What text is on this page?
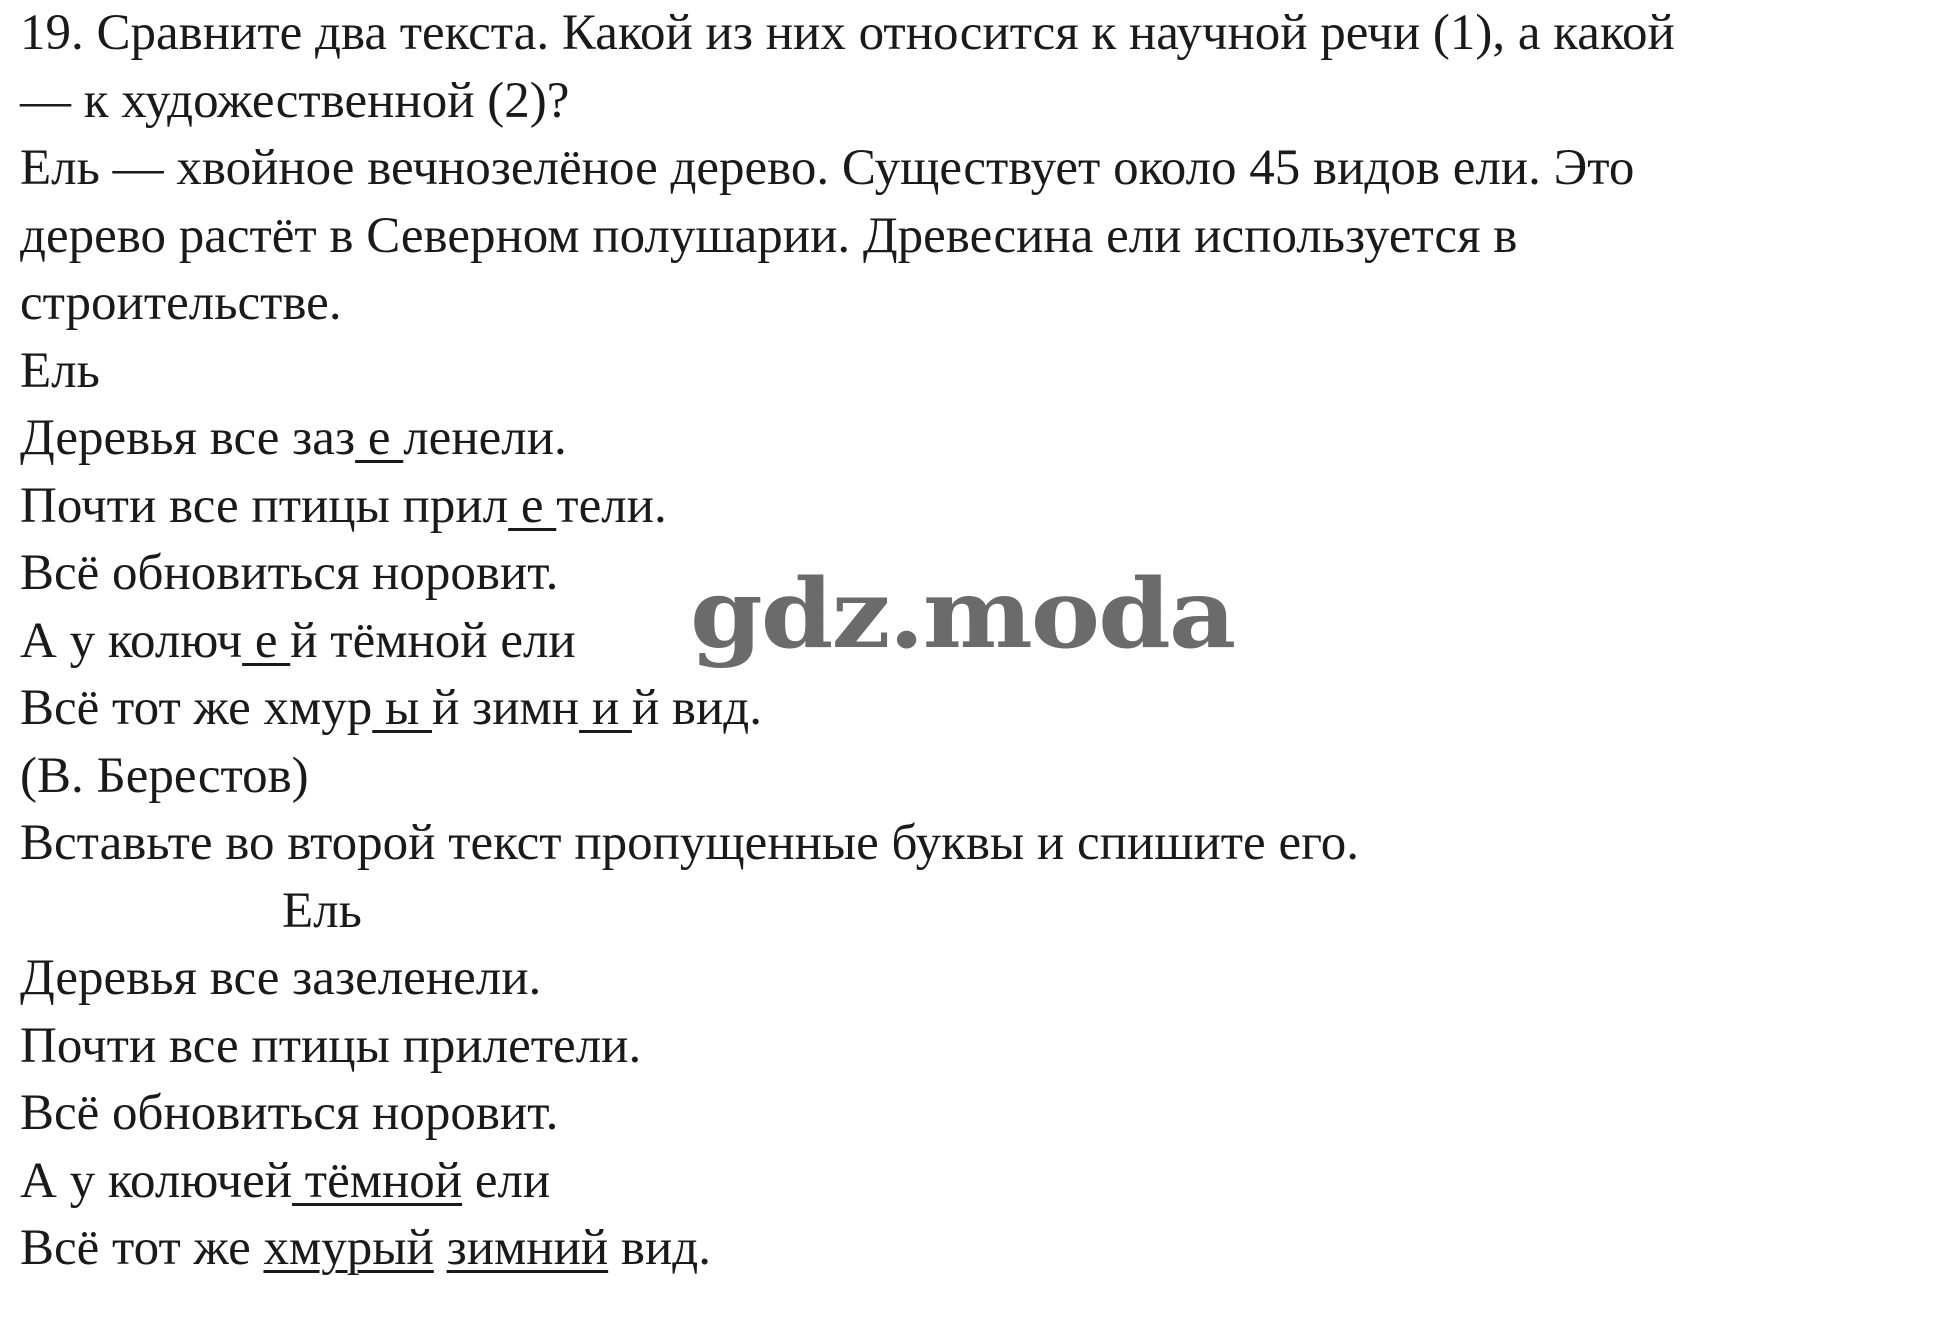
19. Сравните два текста. Какой из них относится к научной речи (1), а какой
— к художественной (2)?
Ель — хвойное вечнозелёное дерево. Существует около 45 видов ели. Это
дерево растёт в Северном полушарии. Древесина ели используется в
строительстве.
Ель
Деревья все заз е ленели.
Почти все птицы прил е тели.
Всё обновиться норовит.
А у колюч е й тёмной ели
Всё тот же хмур ы й зимн и й вид.
(В. Берестов)
Вставьте во второй текст пропущенные буквы и спишите его.
Ель
Деревья все зазеленели.
Почти все птицы прилетели.
Всё обновиться норовит.
А у колючей тёмной ели
Всё тот же хмурый зимний вид.
gdz.moda
